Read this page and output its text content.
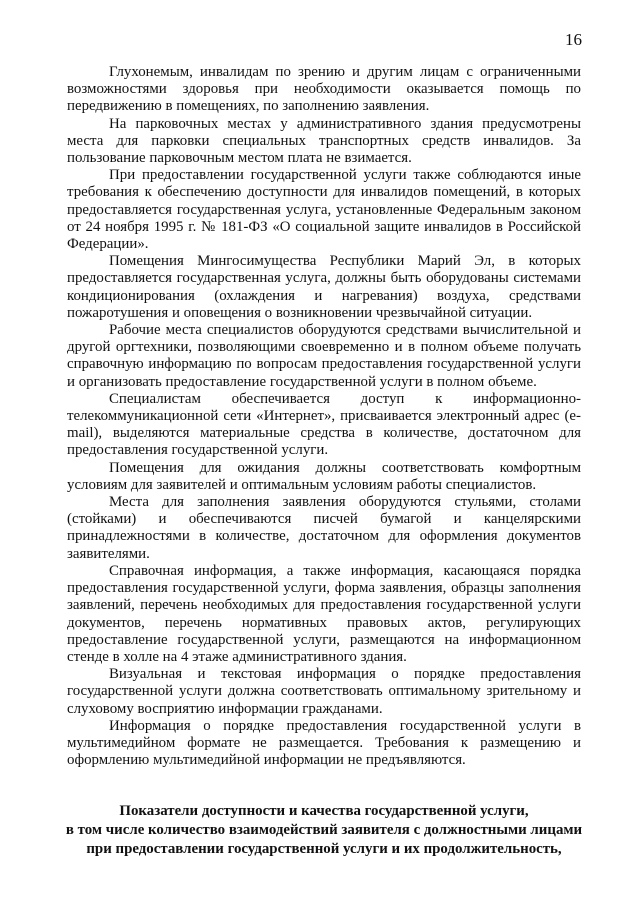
16

Глухонемым, инвалидам по зрению и другим лицам с ограниченными возможностями здоровья при необходимости оказывается помощь по передвижению в помещениях, по заполнению заявления.

На парковочных местах у административного здания предусмотрены места для парковки специальных транспортных средств инвалидов. За пользование парковочным местом плата не взимается.

При предоставлении государственной услуги также соблюдаются иные требования к обеспечению доступности для инвалидов помещений, в которых предоставляется государственная услуга, установленные Федеральным законом от 24 ноября 1995 г. № 181-ФЗ «О социальной защите инвалидов в Российской Федерации».

Помещения Мингосимущества Республики Марий Эл, в которых предоставляется государственная услуга, должны быть оборудованы системами кондиционирования (охлаждения и нагревания) воздуха, средствами пожаротушения и оповещения о возникновении чрезвычайной ситуации.

Рабочие места специалистов оборудуются средствами вычислительной и другой оргтехники, позволяющими своевременно и в полном объеме получать справочную информацию по вопросам предоставления государственной услуги и организовать предоставление государственной услуги в полном объеме.

Специалистам обеспечивается доступ к информационно-телекоммуникационной сети «Интернет», присваивается электронный адрес (e-mail), выделяются материальные средства в количестве, достаточном для предоставления государственной услуги.

Помещения для ожидания должны соответствовать комфортным условиям для заявителей и оптимальным условиям работы специалистов.

Места для заполнения заявления оборудуются стульями, столами (стойками) и обеспечиваются писчей бумагой и канцелярскими принадлежностями в количестве, достаточном для оформления документов заявителями.

Справочная информация, а также информация, касающаяся порядка предоставления государственной услуги, форма заявления, образцы заполнения заявлений, перечень необходимых для предоставления государственной услуги документов, перечень нормативных правовых актов, регулирующих предоставление государственной услуги, размещаются на информационном стенде в холле на 4 этаже административного здания.

Визуальная и текстовая информация о порядке предоставления государственной услуги должна соответствовать оптимальному зрительному и слуховому восприятию информации гражданами.

Информация о порядке предоставления государственной услуги в мультимедийном формате не размещается. Требования к размещению и оформлению мультимедийной информации не предъявляются.

Показатели доступности и качества государственной услуги,
в том числе количество взаимодействий заявителя с должностными лицами
при предоставлении государственной услуги и их продолжительность,
